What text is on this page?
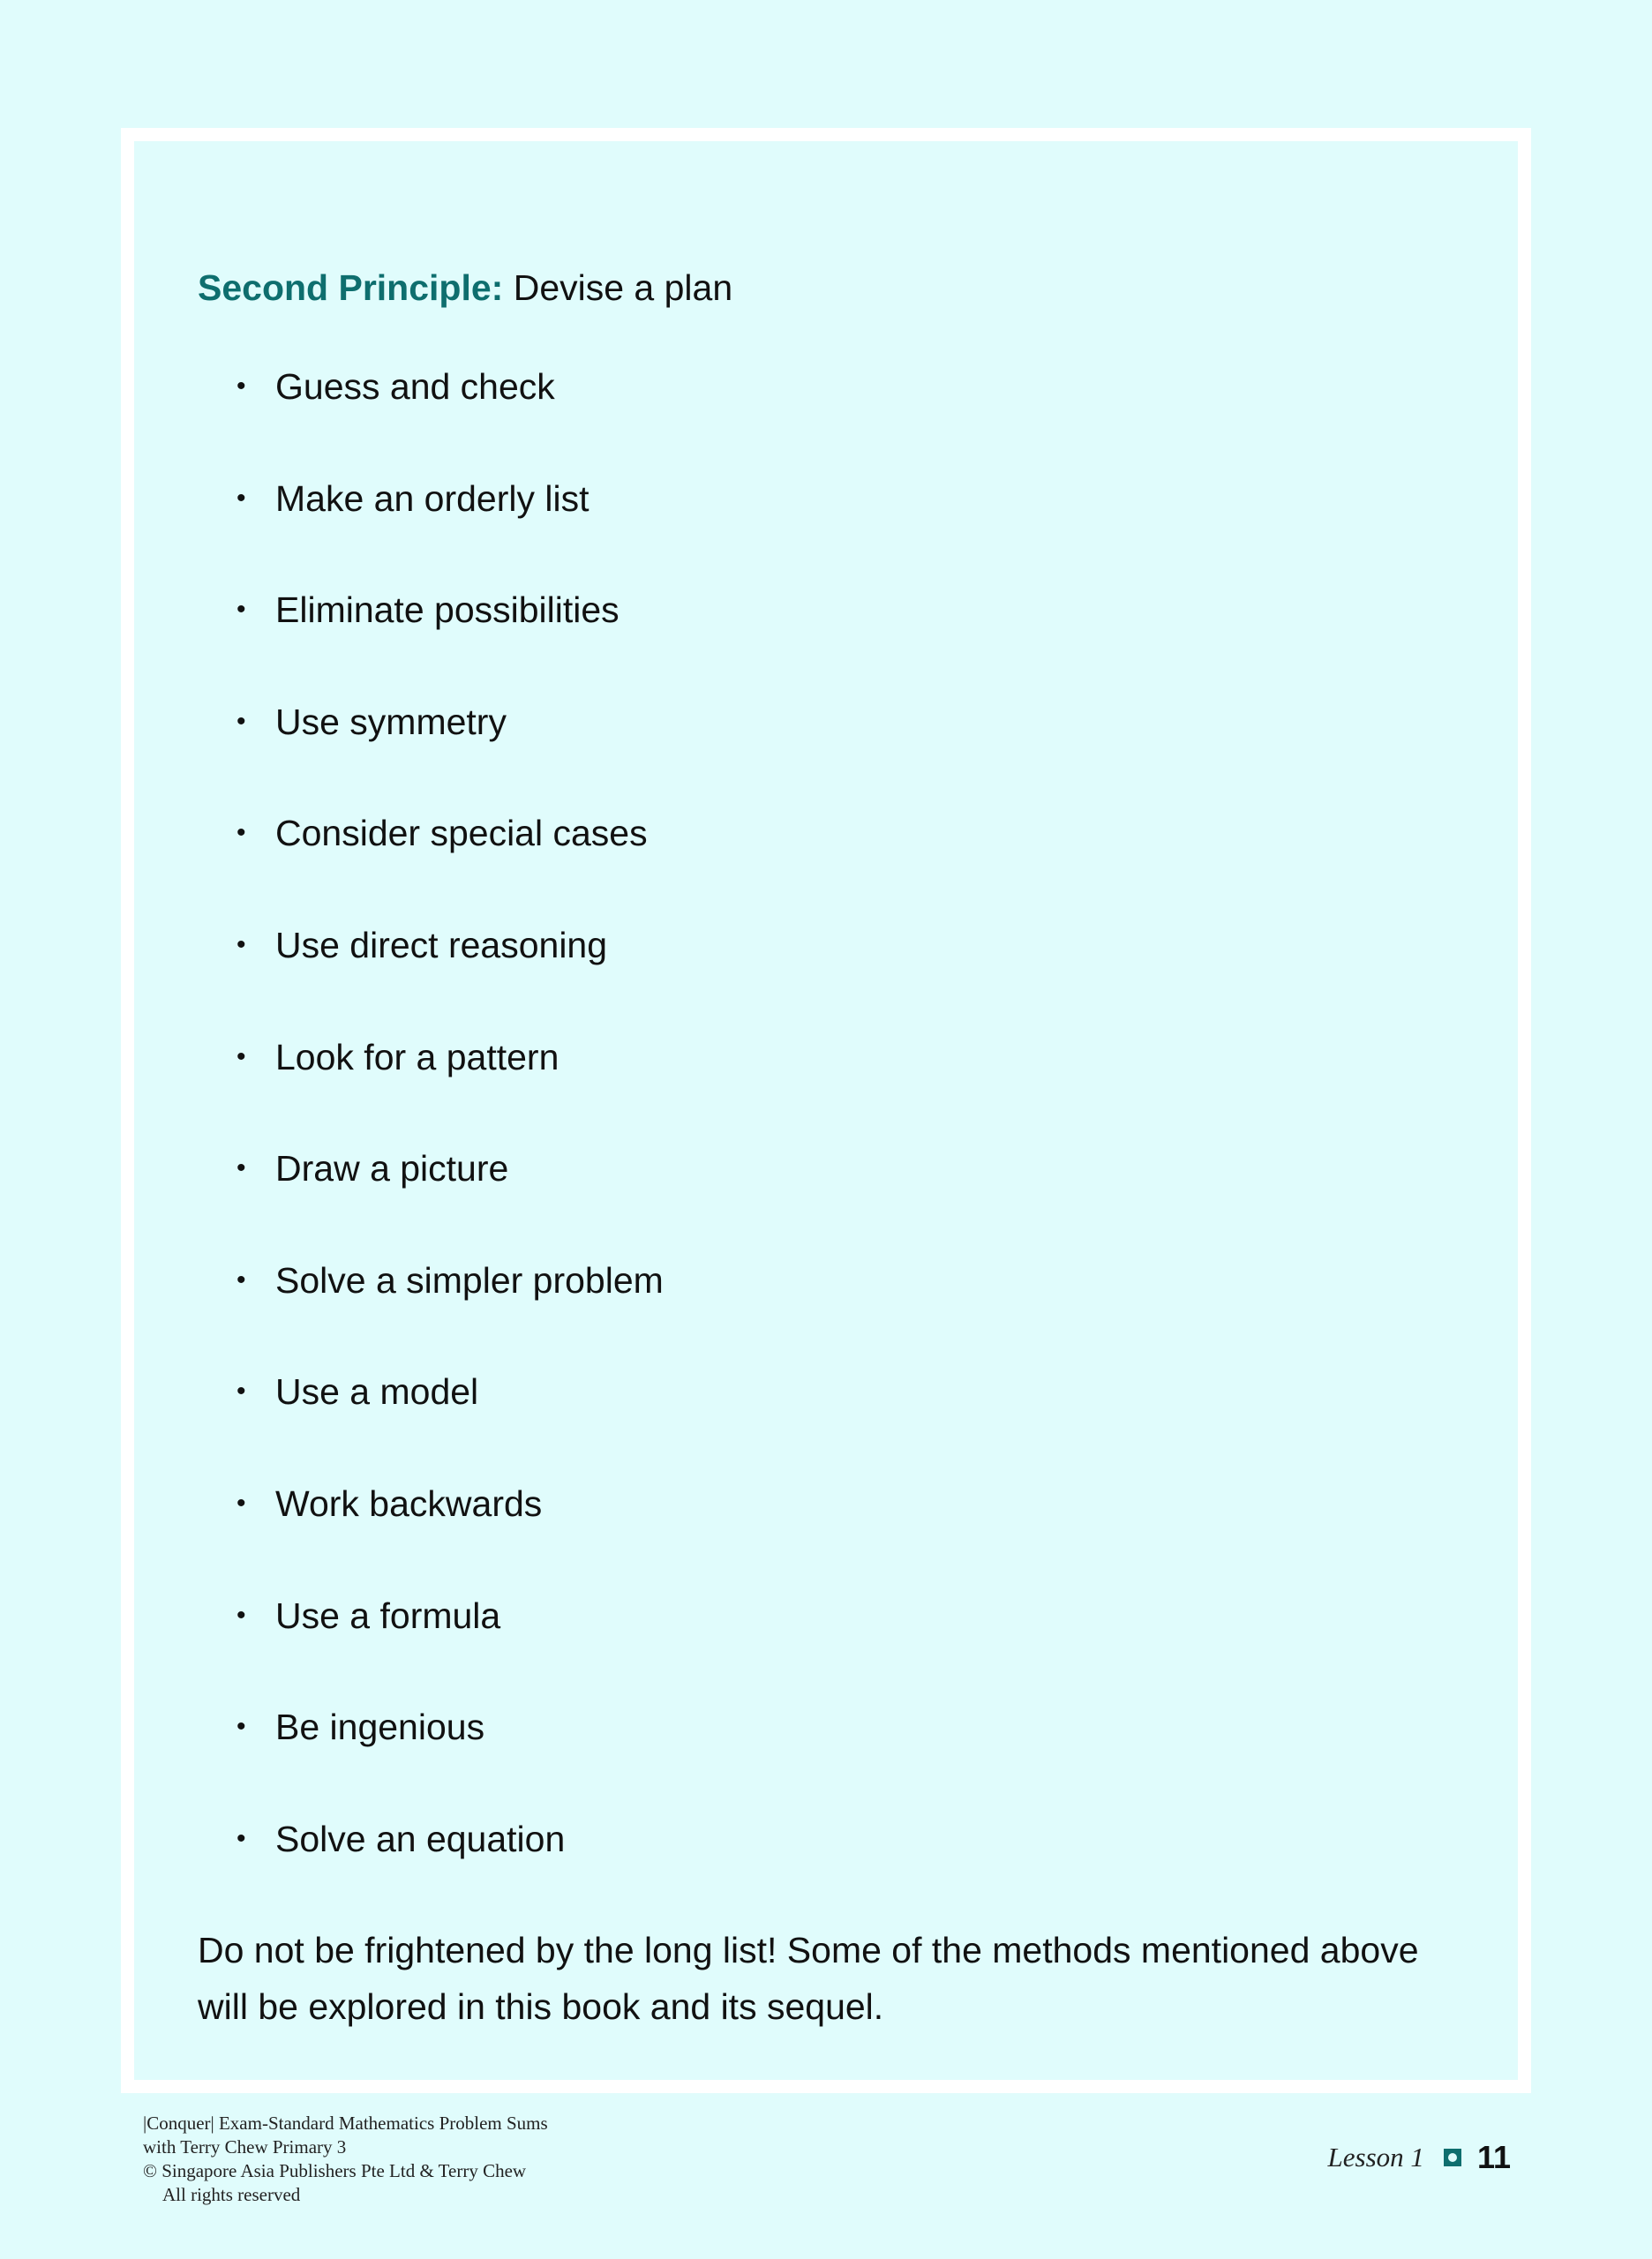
Second Principle: Devise a plan
• Guess and check
• Make an orderly list
• Eliminate possibilities
• Use symmetry
• Consider special cases
• Use direct reasoning
• Look for a pattern
• Draw a picture
• Solve a simpler problem
• Use a model
• Work backwards
• Use a formula
• Be ingenious
• Solve an equation

Do not be frightened by the long list! Some of the methods mentioned above will be explored in this book and its sequel.

|Conquer| Exam-Standard Mathematics Problem Sums
with Terry Chew Primary 3
© Singapore Asia Publishers Pte Ltd & Terry Chew
All rights reserved
Lesson 1 11
